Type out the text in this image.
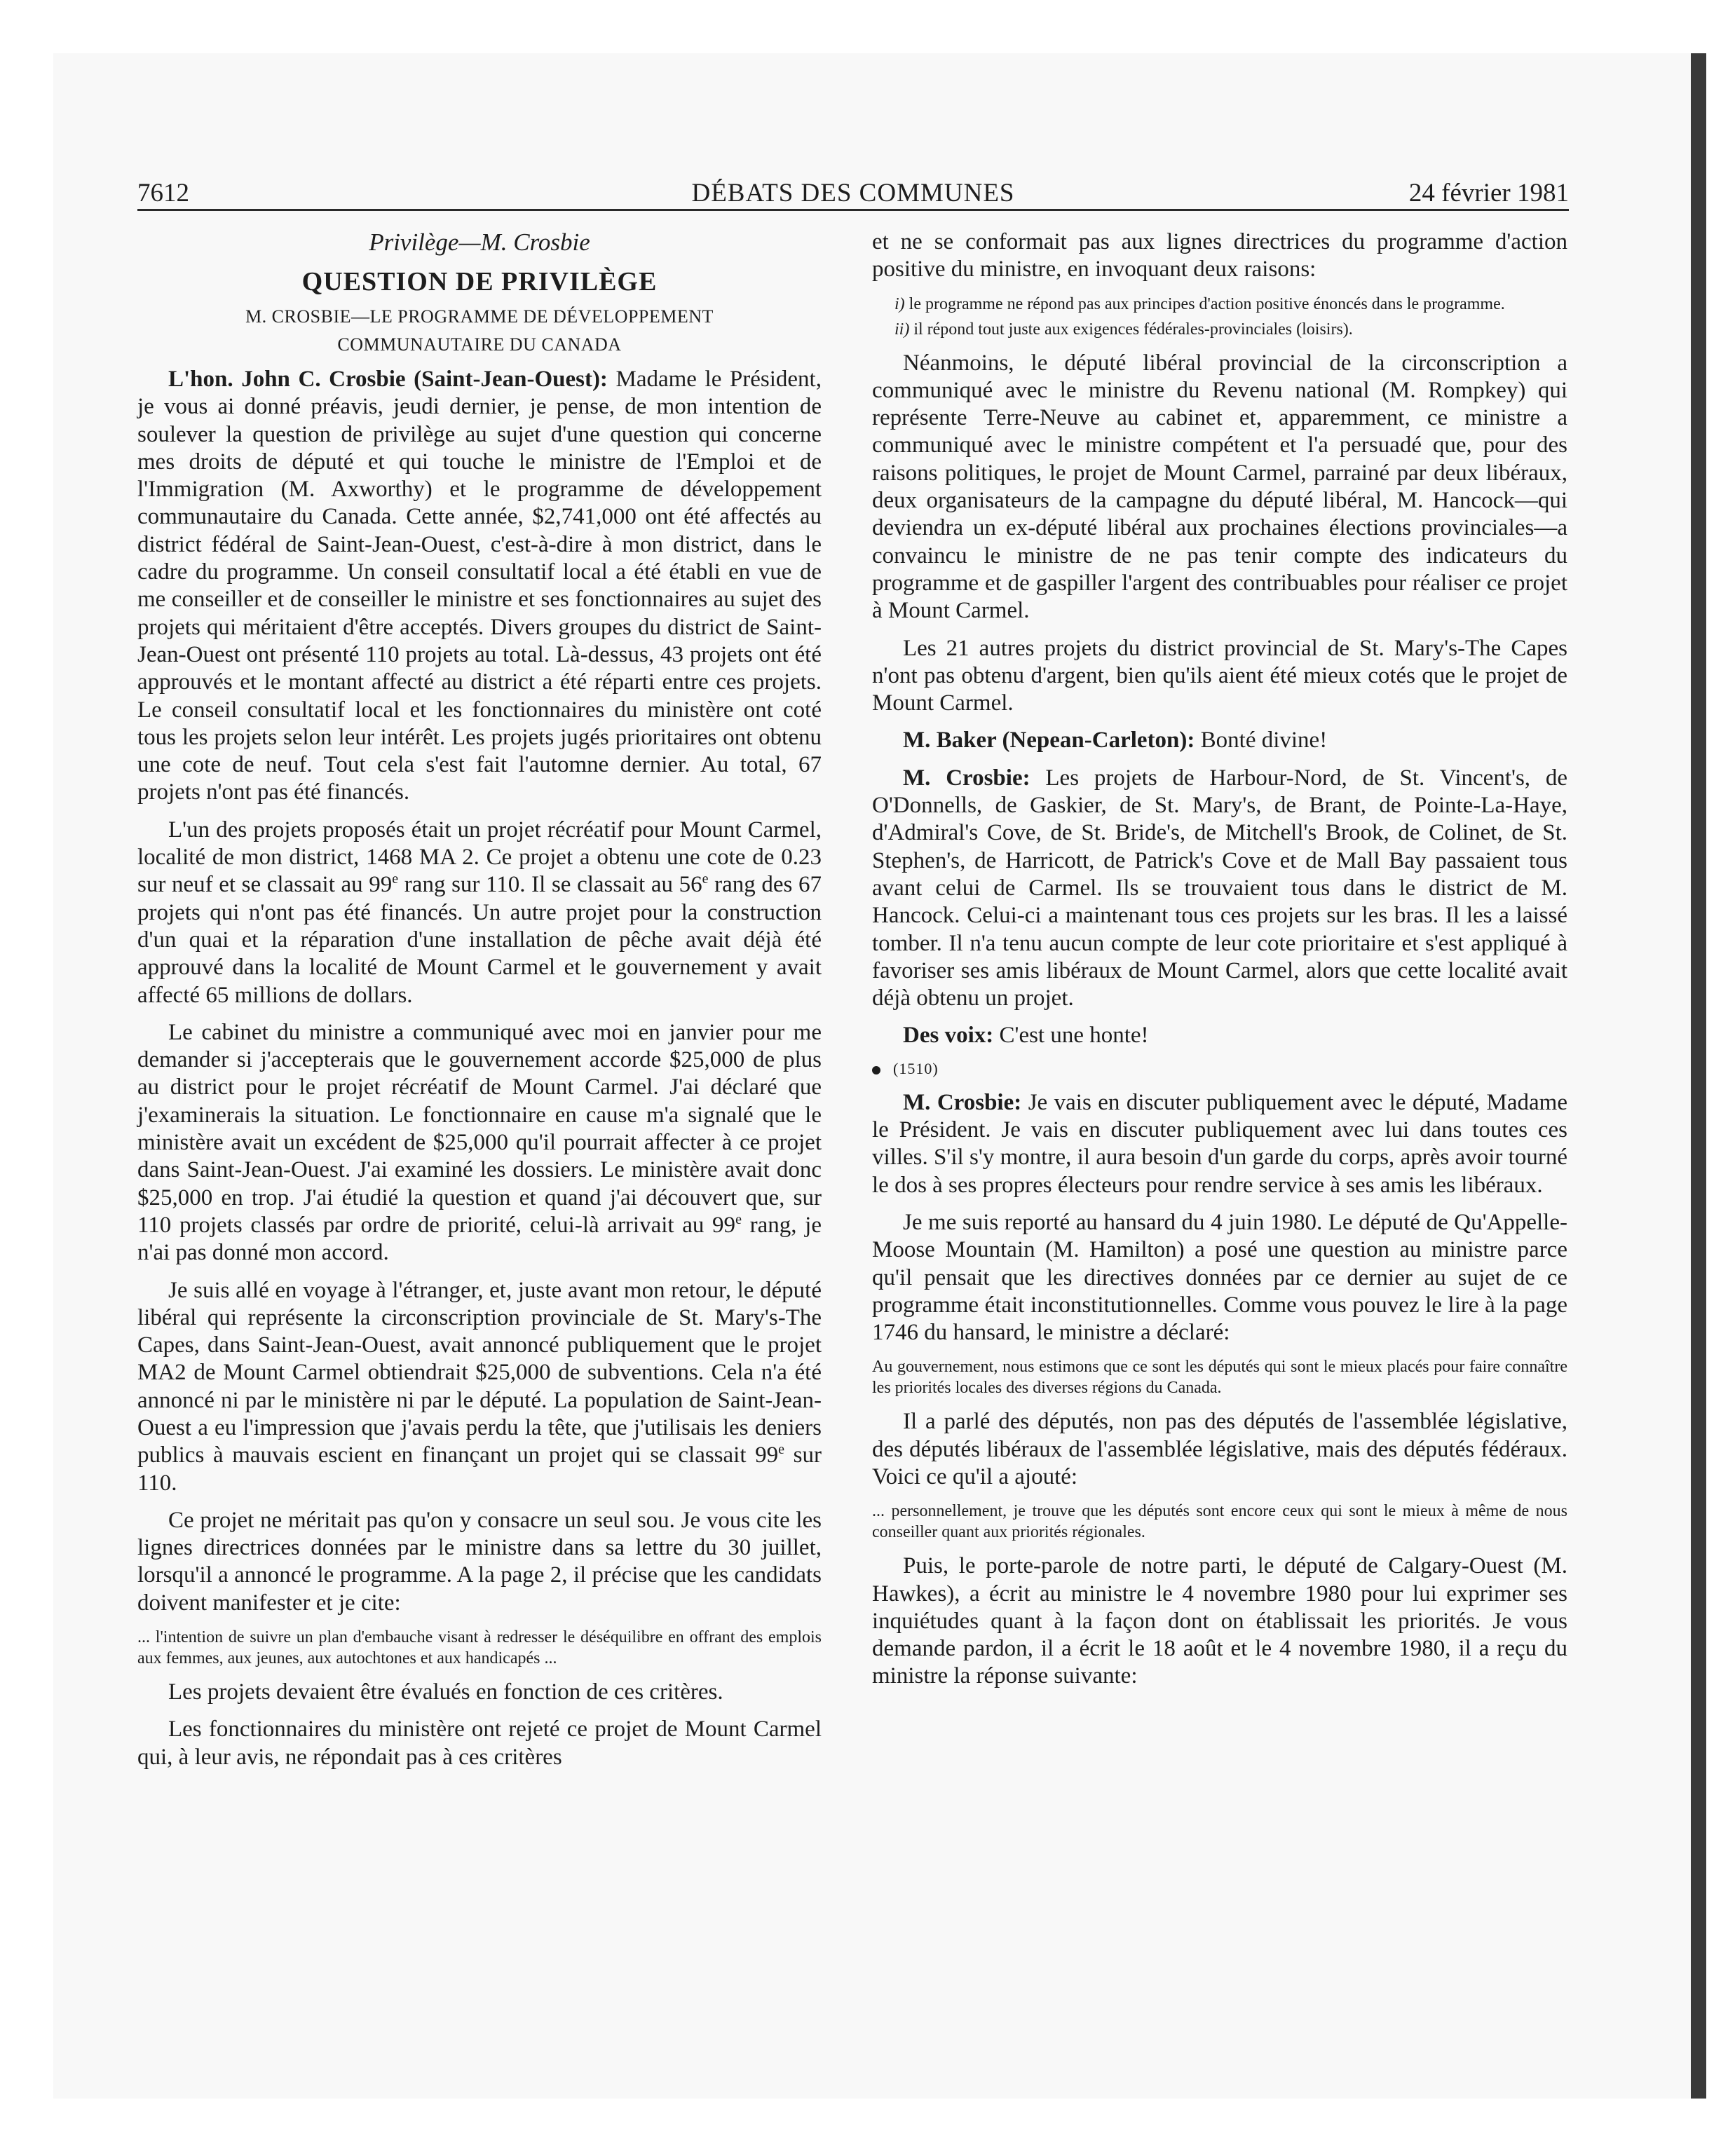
7612	DÉBATS DES COMMUNES	24 février 1981
Privilège—M. Crosbie
QUESTION DE PRIVILÈGE
M. CROSBIE—LE PROGRAMME DE DÉVELOPPEMENT
COMMUNAUTAIRE DU CANADA

L'hon. John C. Crosbie (Saint-Jean-Ouest): Madame le Président, je vous ai donné préavis, jeudi dernier, je pense, de mon intention de soulever la question de privilège au sujet d'une question qui concerne mes droits de député et qui touche le ministre de l'Emploi et de l'Immigration (M. Axworthy) et le programme de développement communautaire du Canada. Cette année, $2,741,000 ont été affectés au district fédéral de Saint-Jean-Ouest, c'est-à-dire à mon district, dans le cadre du programme. Un conseil consultatif local a été établi en vue de me conseiller et de conseiller le ministre et ses fonctionnaires au sujet des projets qui méritaient d'être acceptés. Divers groupes du district de Saint-Jean-Ouest ont présenté 110 projets au total. Là-dessus, 43 projets ont été approuvés et le montant affecté au district a été réparti entre ces projets. Le conseil consultatif local et les fonctionnaires du ministère ont coté tous les projets selon leur intérêt. Les projets jugés prioritaires ont obtenu une cote de neuf. Tout cela s'est fait l'automne dernier. Au total, 67 projets n'ont pas été financés.

L'un des projets proposés était un projet récréatif pour Mount Carmel, localité de mon district, 1468 MA 2. Ce projet a obtenu une cote de 0.23 sur neuf et se classait au 99e rang sur 110. Il se classait au 56e rang des 67 projets qui n'ont pas été financés. Un autre projet pour la construction d'un quai et la réparation d'une installation de pêche avait déjà été approuvé dans la localité de Mount Carmel et le gouvernement y avait affecté 65 millions de dollars.

Le cabinet du ministre a communiqué avec moi en janvier pour me demander si j'accepterais que le gouvernement accorde $25,000 de plus au district pour le projet récréatif de Mount Carmel. J'ai déclaré que j'examinerais la situation. Le fonctionnaire en cause m'a signalé que le ministère avait un excédent de $25,000 qu'il pourrait affecter à ce projet dans Saint-Jean-Ouest. J'ai examiné les dossiers. Le ministère avait donc $25,000 en trop. J'ai étudié la question et quand j'ai découvert que, sur 110 projets classés par ordre de priorité, celui-là arrivait au 99e rang, je n'ai pas donné mon accord.

Je suis allé en voyage à l'étranger, et, juste avant mon retour, le député libéral qui représente la circonscription provinciale de St. Mary's-The Capes, dans Saint-Jean-Ouest, avait annoncé publiquement que le projet MA2 de Mount Carmel obtiendrait $25,000 de subventions. Cela n'a été annoncé ni par le ministère ni par le député. La population de Saint-Jean-Ouest a eu l'impression que j'avais perdu la tête, que j'utilisais les deniers publics à mauvais escient en finançant un projet qui se classait 99e sur 110.

Ce projet ne méritait pas qu'on y consacre un seul sou. Je vous cite les lignes directrices données par le ministre dans sa lettre du 30 juillet, lorsqu'il a annoncé le programme. A la page 2, il précise que les candidats doivent manifester et je cite:

... l'intention de suivre un plan d'embauche visant à redresser le déséquilibre en offrant des emplois aux femmes, aux jeunes, aux autochtones et aux handicapés ...

Les projets devaient être évalués en fonction de ces critères.

Les fonctionnaires du ministère ont rejeté ce projet de Mount Carmel qui, à leur avis, ne répondait pas à ces critères

et ne se conformait pas aux lignes directrices du programme d'action positive du ministre, en invoquant deux raisons:

i) le programme ne répond pas aux principes d'action positive énoncés dans le programme.

ii) il répond tout juste aux exigences fédérales-provinciales (loisirs).

Néanmoins, le député libéral provincial de la circonscription a communiqué avec le ministre du Revenu national (M. Rompkey) qui représente Terre-Neuve au cabinet et, apparemment, ce ministre a communiqué avec le ministre compétent et l'a persuadé que, pour des raisons politiques, le projet de Mount Carmel, parrainé par deux libéraux, deux organisateurs de la campagne du député libéral, M. Hancock—qui deviendra un ex-député libéral aux prochaines élections provinciales—a convaincu le ministre de ne pas tenir compte des indicateurs du programme et de gaspiller l'argent des contribuables pour réaliser ce projet à Mount Carmel.

Les 21 autres projets du district provincial de St. Mary's-The Capes n'ont pas obtenu d'argent, bien qu'ils aient été mieux cotés que le projet de Mount Carmel.

M. Baker (Nepean-Carleton): Bonté divine!

M. Crosbie: Les projets de Harbour-Nord, de St. Vincent's, de O'Donnells, de Gaskier, de St. Mary's, de Brant, de Pointe-La-Haye, d'Admiral's Cove, de St. Bride's, de Mitchell's Brook, de Colinet, de St. Stephen's, de Harricott, de Patrick's Cove et de Mall Bay passaient tous avant celui de Carmel. Ils se trouvaient tous dans le district de M. Hancock. Celui-ci a maintenant tous ces projets sur les bras. Il les a laissé tomber. Il n'a tenu aucun compte de leur cote prioritaire et s'est appliqué à favoriser ses amis libéraux de Mount Carmel, alors que cette localité avait déjà obtenu un projet.

Des voix: C'est une honte!

(1510)

M. Crosbie: Je vais en discuter publiquement avec le député, Madame le Président. Je vais en discuter publiquement avec lui dans toutes ces villes. S'il s'y montre, il aura besoin d'un garde du corps, après avoir tourné le dos à ses propres électeurs pour rendre service à ses amis les libéraux.

Je me suis reporté au hansard du 4 juin 1980. Le député de Qu'Appelle-Moose Mountain (M. Hamilton) a posé une question au ministre parce qu'il pensait que les directives données par ce dernier au sujet de ce programme était inconstitutionnelles. Comme vous pouvez le lire à la page 1746 du hansard, le ministre a déclaré:

Au gouvernement, nous estimons que ce sont les députés qui sont le mieux placés pour faire connaître les priorités locales des diverses régions du Canada.

Il a parlé des députés, non pas des députés de l'assemblée législative, des députés libéraux de l'assemblée législative, mais des députés fédéraux. Voici ce qu'il a ajouté:

... personnellement, je trouve que les députés sont encore ceux qui sont le mieux à même de nous conseiller quant aux priorités régionales.

Puis, le porte-parole de notre parti, le député de Calgary-Ouest (M. Hawkes), a écrit au ministre le 4 novembre 1980 pour lui exprimer ses inquiétudes quant à la façon dont on établissait les priorités. Je vous demande pardon, il a écrit le 18 août et le 4 novembre 1980, il a reçu du ministre la réponse suivante:
